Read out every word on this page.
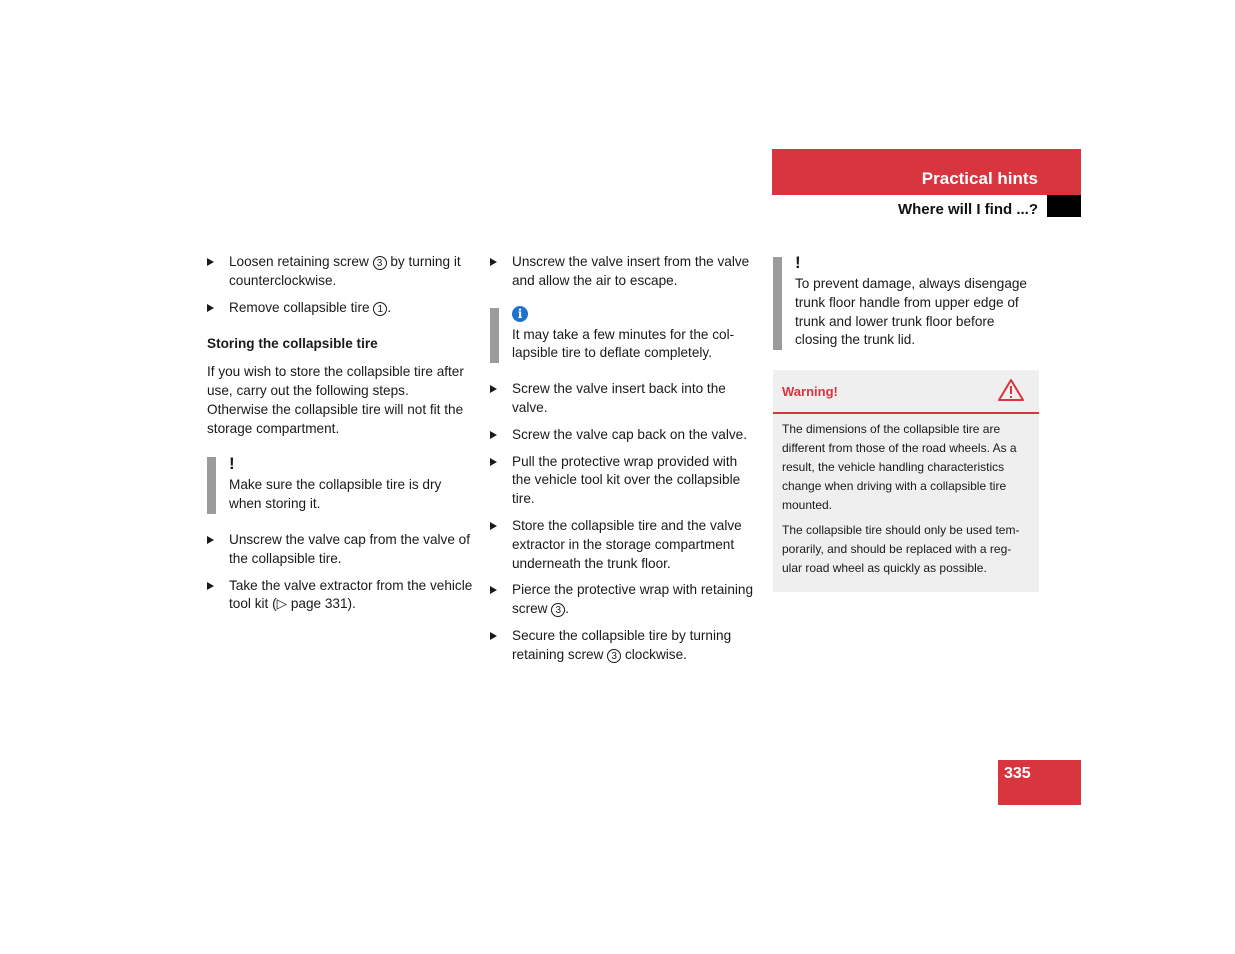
Practical hints
Where will I find ...?
Loosen retaining screw 3 by turning it counterclockwise.
Remove collapsible tire 1 .
Storing the collapsible tire
If you wish to store the collapsible tire after use, carry out the following steps. Otherwise the collapsible tire will not fit the storage compartment.
!
Make sure the collapsible tire is dry when storing it.
Unscrew the valve cap from the valve of the collapsible tire.
Take the valve extractor from the vehicle tool kit (▷ page 331).
Unscrew the valve insert from the valve and allow the air to escape.
i
It may take a few minutes for the col-lapsible tire to deflate completely.
Screw the valve insert back into the valve.
Screw the valve cap back on the valve.
Pull the protective wrap provided with the vehicle tool kit over the collapsible tire.
Store the collapsible tire and the valve extractor in the storage compartment underneath the trunk floor.
Pierce the protective wrap with retaining screw 3 .
Secure the collapsible tire by turning retaining screw 3 clockwise.
!
To prevent damage, always disengage trunk floor handle from upper edge of trunk and lower trunk floor before closing the trunk lid.
Warning!

The dimensions of the collapsible tire are different from those of the road wheels. As a result, the vehicle handling characteristics change when driving with a collapsible tire mounted.

The collapsible tire should only be used tem-porarily, and should be replaced with a reg-ular road wheel as quickly as possible.

335
